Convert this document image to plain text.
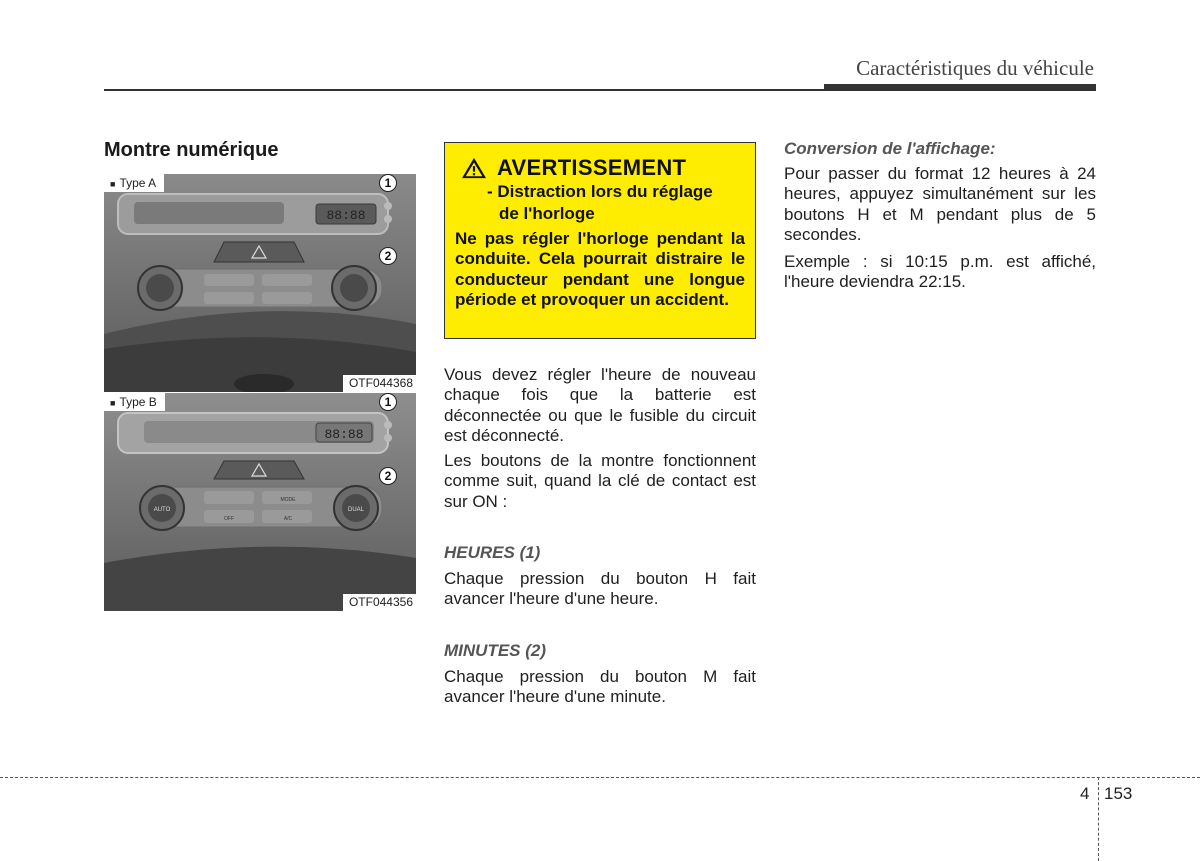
Caractéristiques du véhicule
Montre numérique
88:88
■ Type A	1
2
OTF044368
88:88
AUTO	DUAL
MODE
OFF	A/C
■ Type B	1
2
OTF044356
AVERTISSEMENT
- Distraction lors du réglage
de l'horloge
Ne pas régler l'horloge pendant la conduite. Cela pourrait distraire le conducteur pendant une longue période et provoquer un accident.
Vous devez régler l'heure de nouveau chaque fois que la batterie est déconnectée ou que le fusible du circuit est déconnecté.
Les boutons de la montre fonctionnent comme suit, quand la clé de contact est sur ON :
HEURES (1)
Chaque pression du bouton H fait avancer l'heure d'une heure.
MINUTES (2)
Chaque pression du bouton M fait avancer l'heure d'une minute.
Conversion de l'affichage:
Pour passer du format 12 heures à 24 heures, appuyez simultanément sur les boutons H et M pendant plus de 5 secondes.
Exemple : si 10:15 p.m. est affiché, l'heure deviendra 22:15.
4 153
